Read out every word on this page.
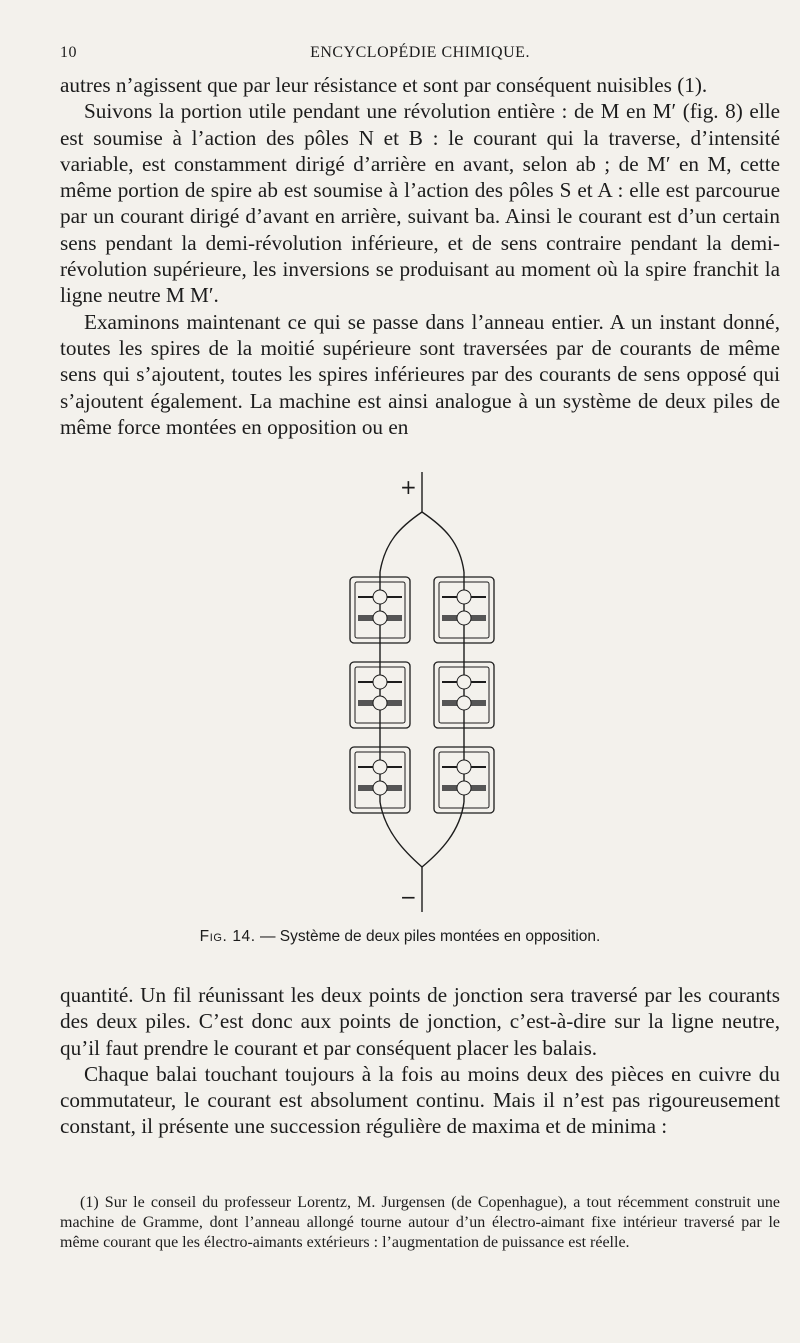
10	ENCYCLOPÉDIE CHIMIQUE.

autres n’agissent que par leur résistance et sont par conséquent nuisibles (1).

Suivons la portion utile pendant une révolution entière : de M en M′ (fig. 8) elle est soumise à l’action des pôles N et B : le courant qui la traverse, d’intensité variable, est constamment dirigé d’arrière en avant, selon ab ; de M′ en M, cette même portion de spire ab est soumise à l’action des pôles S et A : elle est parcourue par un courant dirigé d’avant en arrière, suivant ba. Ainsi le courant est d’un certain sens pendant la demi-révolution inférieure, et de sens contraire pendant la demi-révolution supérieure, les inversions se produisant au moment où la spire franchit la ligne neutre M M′.

Examinons maintenant ce qui se passe dans l’anneau entier. A un instant donné, toutes les spires de la moitié supérieure sont traversées par de courants de même sens qui s’ajoutent, toutes les spires inférieures par des courants de sens opposé qui s’ajoutent également. La machine est ainsi analogue à un système de deux piles de même force montées en opposition ou en

+
−
Fig. 14. — Système de deux piles montées en opposition.

quantité. Un fil réunissant les deux points de jonction sera traversé par les courants des deux piles. C’est donc aux points de jonction, c’est-à-dire sur la ligne neutre, qu’il faut prendre le courant et par conséquent placer les balais.

Chaque balai touchant toujours à la fois au moins deux des pièces en cuivre du commutateur, le courant est absolument continu. Mais il n’est pas rigoureusement constant, il présente une succession régulière de maxima et de minima :

(1) Sur le conseil du professeur Lorentz, M. Jurgensen (de Copenhague), a tout récemment construit une machine de Gramme, dont l’anneau allongé tourne autour d’un électro-aimant fixe intérieur traversé par le même courant que les électro-aimants extérieurs : l’augmentation de puissance est réelle.
